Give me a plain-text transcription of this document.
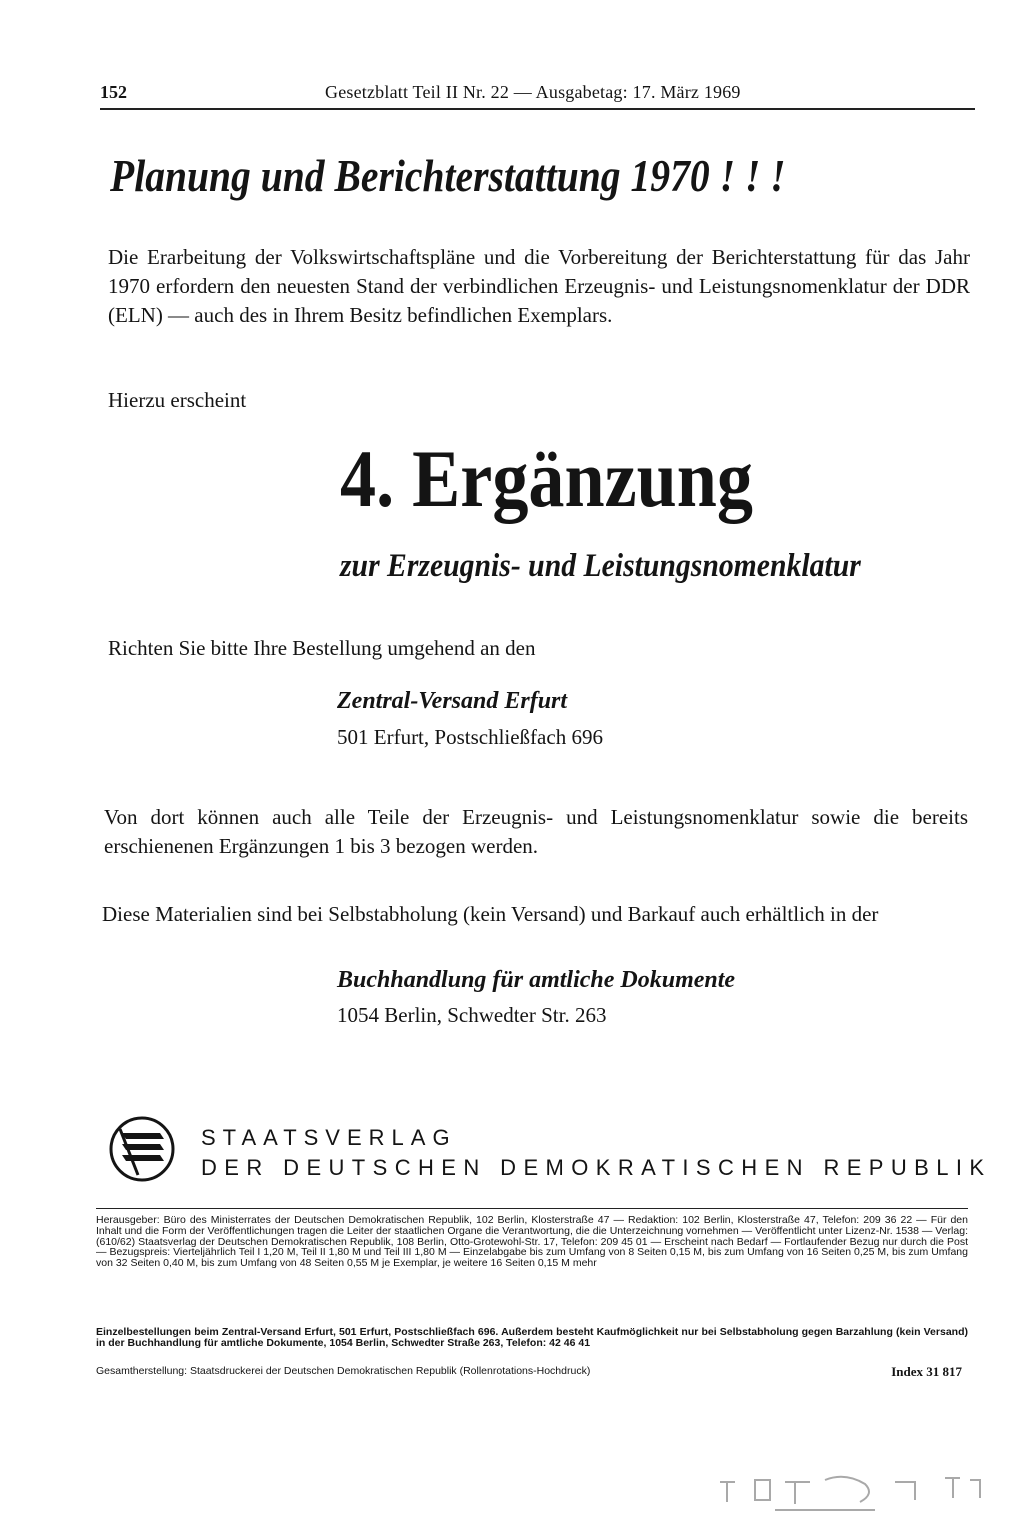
152	Gesetzblatt Teil II Nr. 22 — Ausgabetag: 17. März 1969
Planung und Berichterstattung 1970 ! ! !
Die Erarbeitung der Volkswirtschaftspläne und die Vorbereitung der Berichterstattung für das Jahr 1970 erfordern den neuesten Stand der verbindlichen Erzeugnis- und Leistungsnomenklatur der DDR (ELN) — auch des in Ihrem Besitz befindlichen Exemplars.
Hierzu erscheint
4. Ergänzung
zur Erzeugnis- und Leistungsnomenklatur
Richten Sie bitte Ihre Bestellung umgehend an den
Zentral-Versand Erfurt
501 Erfurt, Postschließfach 696
Von dort können auch alle Teile der Erzeugnis- und Leistungsnomenklatur sowie die bereits erschienenen Ergänzungen 1 bis 3 bezogen werden.
Diese Materialien sind bei Selbstabholung (kein Versand) und Barkauf auch erhältlich in der
Buchhandlung für amtliche Dokumente
1054 Berlin, Schwedter Str. 263
STAATSVERLAG
DER DEUTSCHEN DEMOKRATISCHEN REPUBLIK
Herausgeber: Büro des Ministerrates der Deutschen Demokratischen Republik, 102 Berlin, Klosterstraße 47 — Redaktion: 102 Berlin, Klosterstraße 47, Telefon: 209 36 22 — Für den Inhalt und die Form der Veröffentlichungen tragen die Leiter der staatlichen Organe die Verantwortung, die die Unterzeichnung vornehmen — Veröffentlicht unter Lizenz-Nr. 1538 — Verlag: (610/62) Staatsverlag der Deutschen Demokratischen Republik, 108 Berlin, Otto-Grotewohl-Str. 17, Telefon: 209 45 01 — Erscheint nach Bedarf — Fortlaufender Bezug nur durch die Post — Bezugspreis: Vierteljährlich Teil I 1,20 M, Teil II 1,80 M und Teil III 1,80 M — Einzelabgabe bis zum Umfang von 8 Seiten 0,15 M, bis zum Umfang von 16 Seiten 0,25 M, bis zum Umfang von 32 Seiten 0,40 M, bis zum Umfang von 48 Seiten 0,55 M je Exemplar, je weitere 16 Seiten 0,15 M mehr
Einzelbestellungen beim Zentral-Versand Erfurt, 501 Erfurt, Postschließfach 696. Außerdem besteht Kaufmöglichkeit nur bei Selbstabholung gegen Barzahlung (kein Versand) in der Buchhandlung für amtliche Dokumente, 1054 Berlin, Schwedter Straße 263, Telefon: 42 46 41
Gesamtherstellung: Staatsdruckerei der Deutschen Demokratischen Republik (Rollenrotations-Hochdruck)	Index 31 817
